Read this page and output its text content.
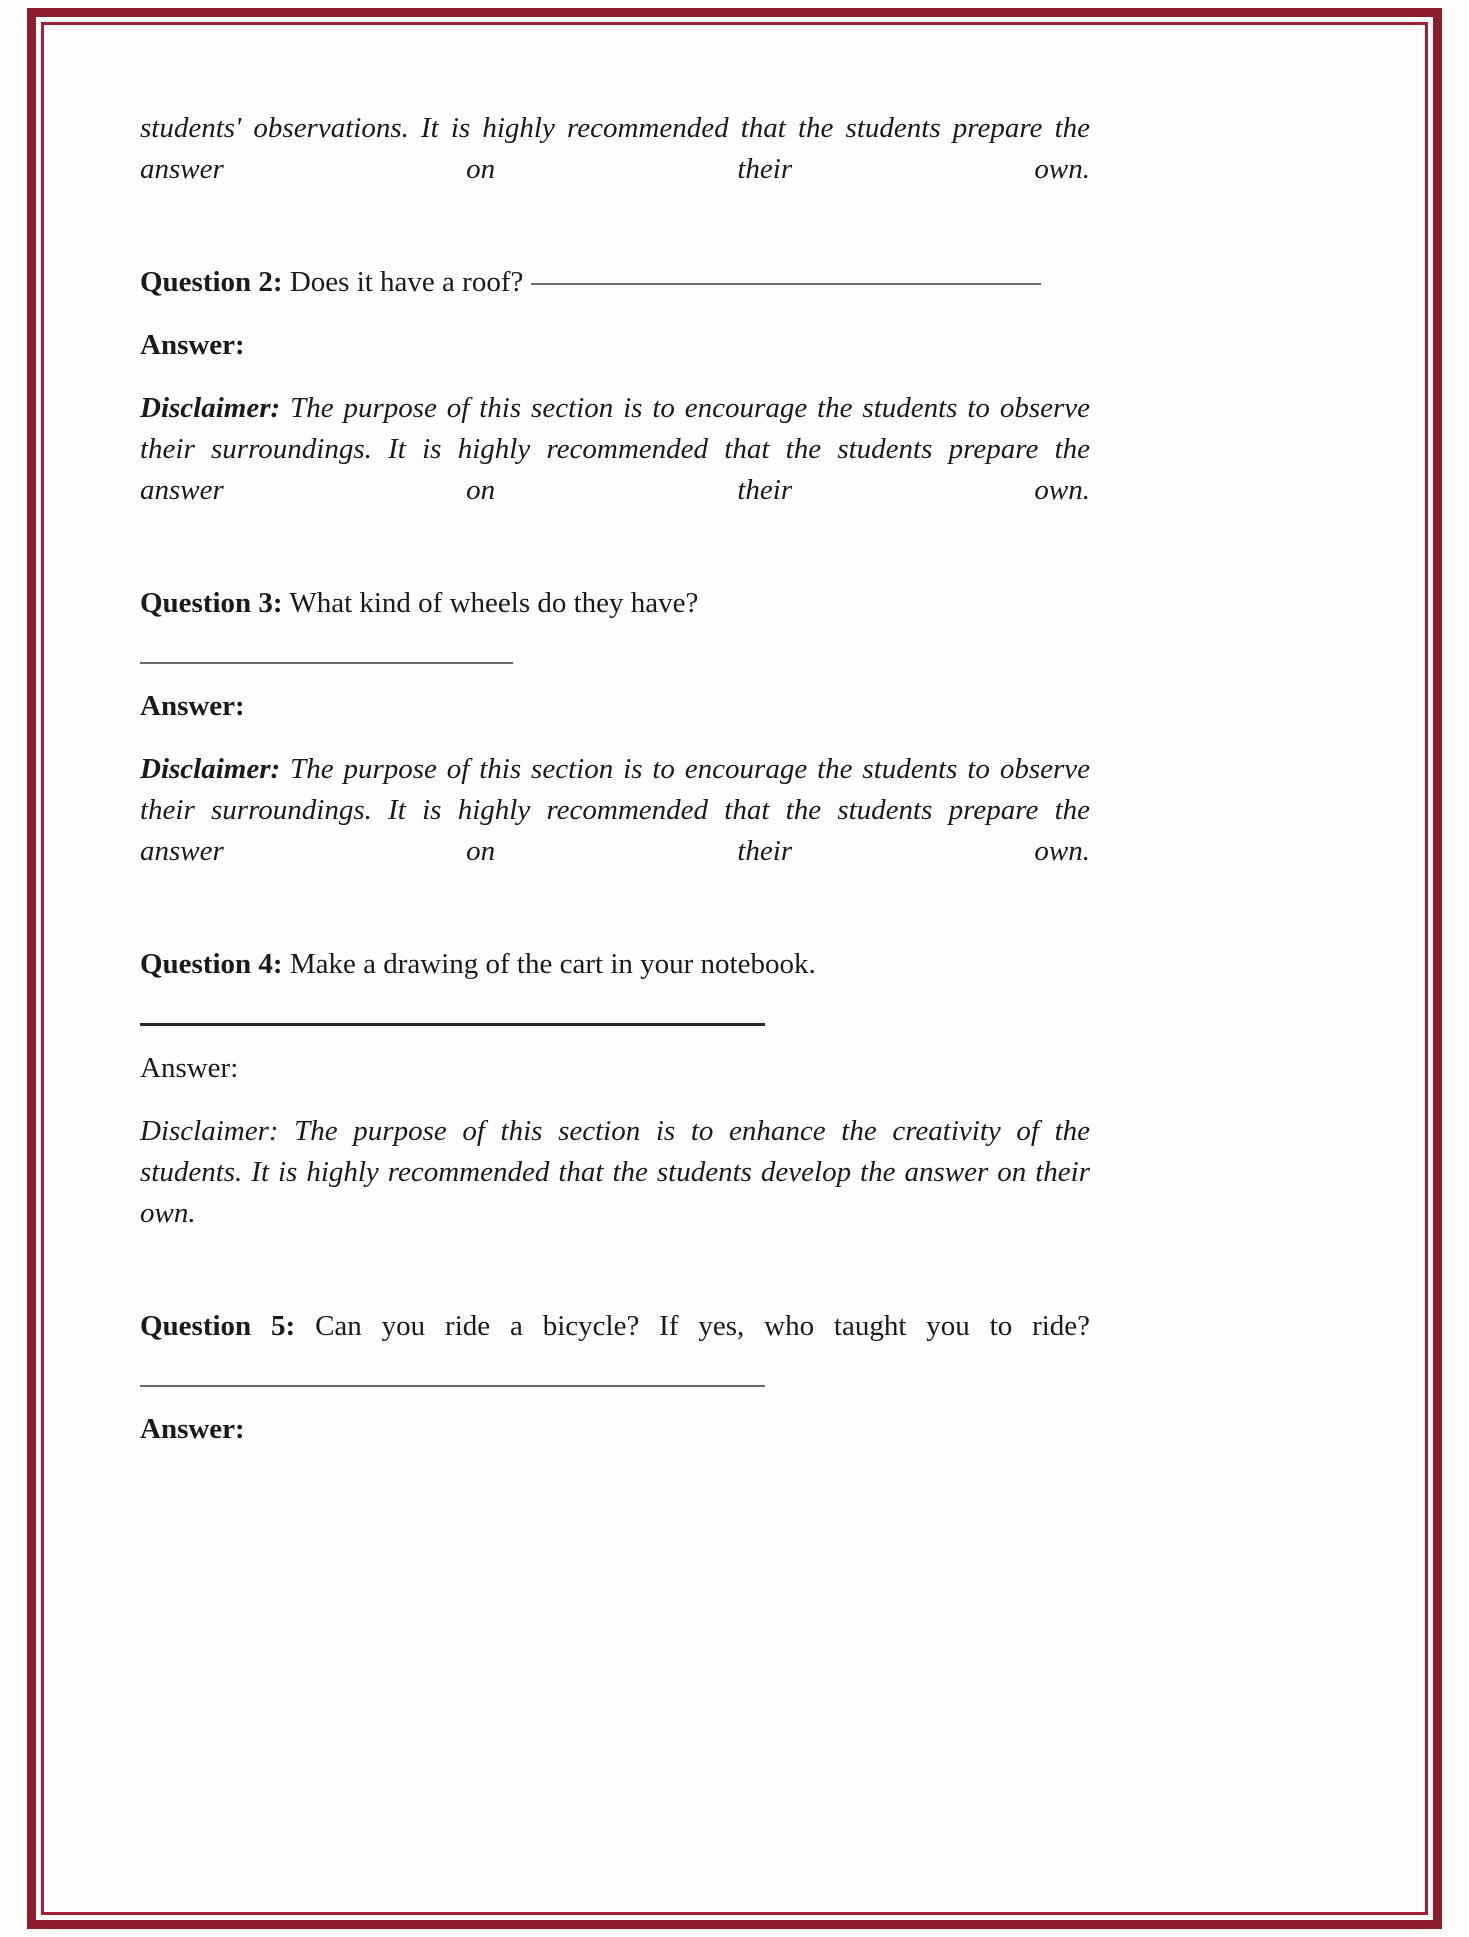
students' observations. It is highly recommended that the students prepare the answer on their own.

Question 2: Does it have a roof?

Answer:

Disclaimer: The purpose of this section is to encourage the students to observe their surroundings. It is highly recommended that the students prepare the answer on their own.

Question 3: What kind of wheels do they have?

Answer:

Disclaimer: The purpose of this section is to encourage the students to observe their surroundings. It is highly recommended that the students prepare the answer on their own.

Question 4: Make a drawing of the cart in your notebook.

Answer:

Disclaimer: The purpose of this section is to enhance the creativity of the students. It is highly recommended that the students develop the answer on their own.

Question 5: Can you ride a bicycle? If yes, who taught you to ride?

Answer:
